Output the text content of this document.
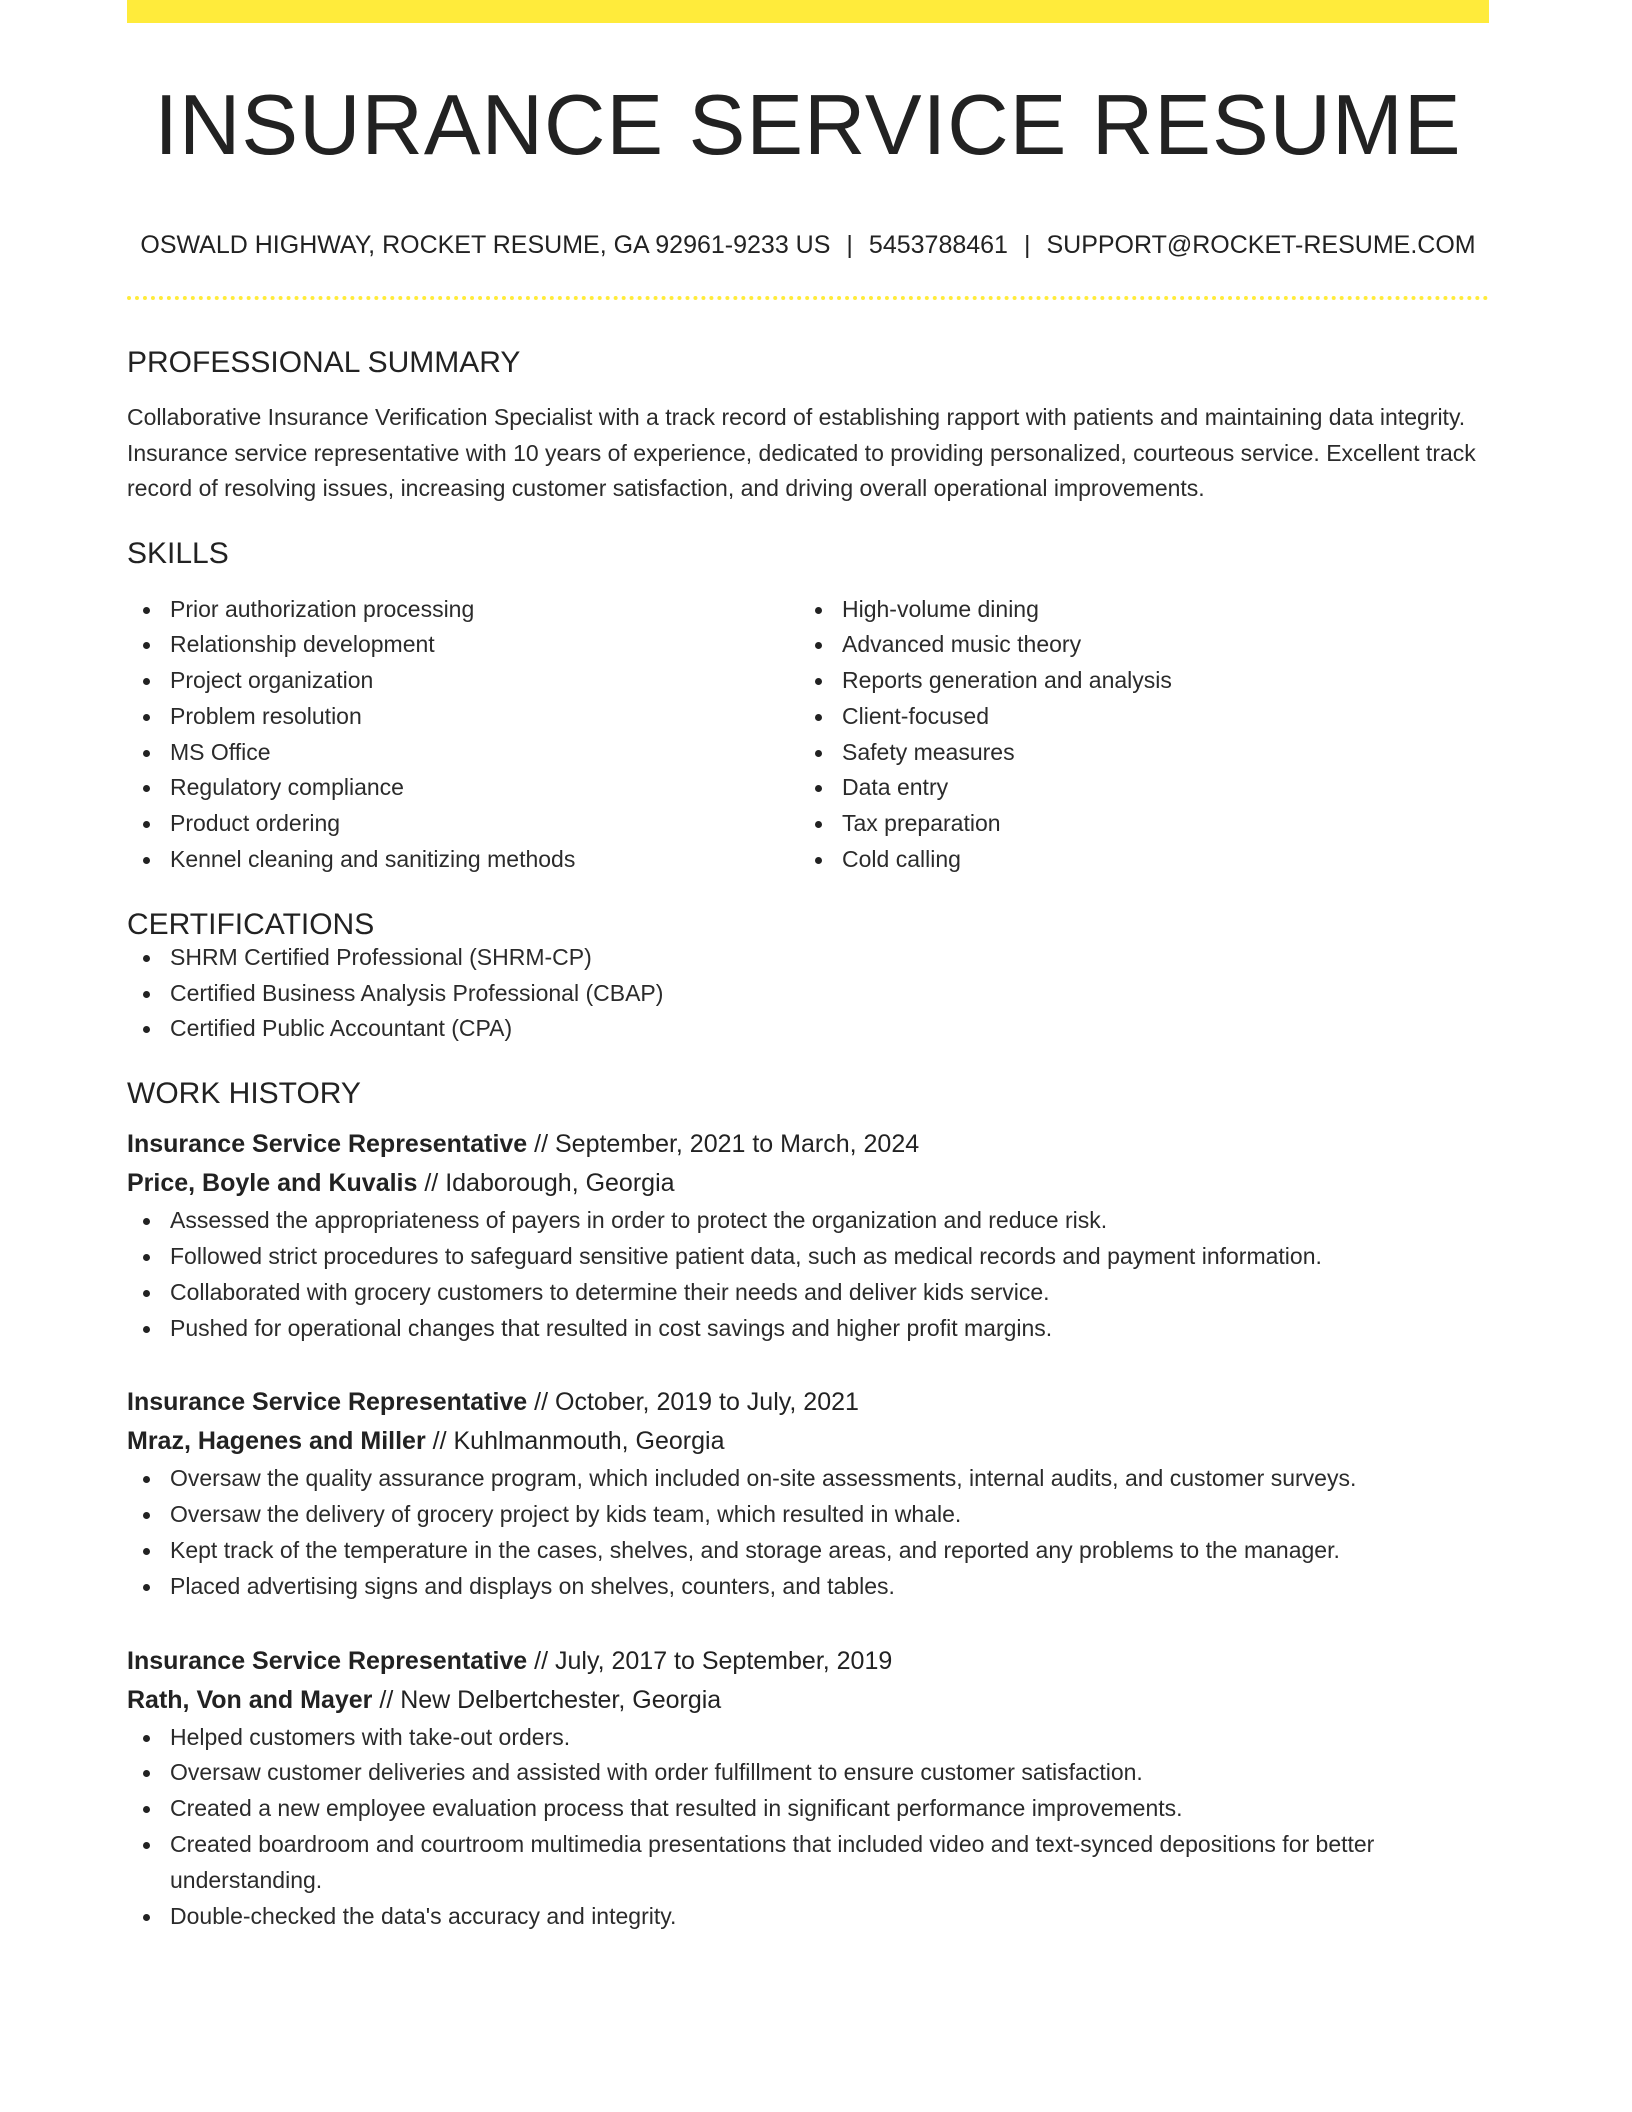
INSURANCE SERVICE RESUME
OSWALD HIGHWAY, ROCKET RESUME, GA 92961-9233 US | 5453788461 | SUPPORT@ROCKET-RESUME.COM
PROFESSIONAL SUMMARY

Collaborative Insurance Verification Specialist with a track record of establishing rapport with patients and maintaining data integrity. Insurance service representative with 10 years of experience, dedicated to providing personalized, courteous service. Excellent track record of resolving issues, increasing customer satisfaction, and driving overall operational improvements.

SKILLS
Prior authorization processing
Relationship development
Project organization
Problem resolution
MS Office
Regulatory compliance
Product ordering
Kennel cleaning and sanitizing methods
High-volume dining
Advanced music theory
Reports generation and analysis
Client-focused
Safety measures
Data entry
Tax preparation
Cold calling
CERTIFICATIONS
SHRM Certified Professional (SHRM-CP)
Certified Business Analysis Professional (CBAP)
Certified Public Accountant (CPA)
WORK HISTORY
Insurance Service Representative // September, 2021 to March, 2024
Price, Boyle and Kuvalis // Idaborough, Georgia
Assessed the appropriateness of payers in order to protect the organization and reduce risk.
Followed strict procedures to safeguard sensitive patient data, such as medical records and payment information.
Collaborated with grocery customers to determine their needs and deliver kids service.
Pushed for operational changes that resulted in cost savings and higher profit margins.
Insurance Service Representative // October, 2019 to July, 2021
Mraz, Hagenes and Miller // Kuhlmanmouth, Georgia
Oversaw the quality assurance program, which included on-site assessments, internal audits, and customer surveys.
Oversaw the delivery of grocery project by kids team, which resulted in whale.
Kept track of the temperature in the cases, shelves, and storage areas, and reported any problems to the manager.
Placed advertising signs and displays on shelves, counters, and tables.
Insurance Service Representative // July, 2017 to September, 2019
Rath, Von and Mayer // New Delbertchester, Georgia
Helped customers with take-out orders.
Oversaw customer deliveries and assisted with order fulfillment to ensure customer satisfaction.
Created a new employee evaluation process that resulted in significant performance improvements.
Created boardroom and courtroom multimedia presentations that included video and text-synced depositions for better understanding.
Double-checked the data's accuracy and integrity.
